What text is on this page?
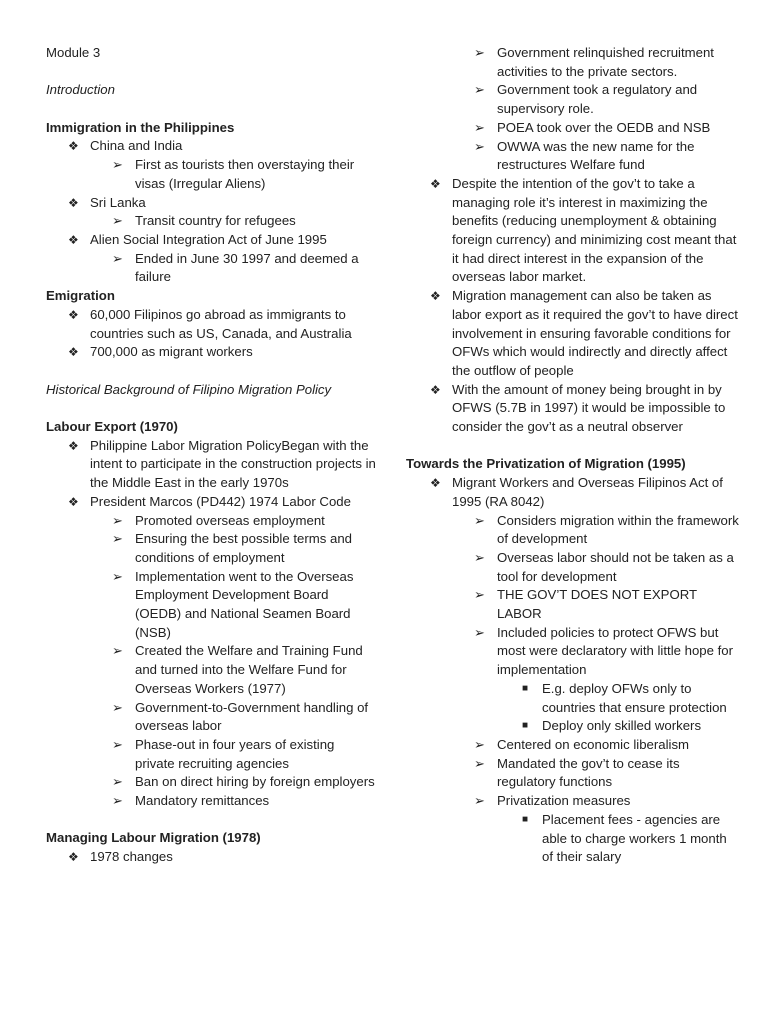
Module 3

Introduction

Immigration in the Philippines

❖ China and India
➢ First as tourists then overstaying their visas (Irregular Aliens)
❖ Sri Lanka
➢ Transit country for refugees
❖ Alien Social Integration Act of June 1995
➢ Ended in June 30 1997 and deemed a failure

Emigration

❖ 60,000 Filipinos go abroad as immigrants to countries such as US, Canada, and Australia
❖ 700,000 as migrant workers

Historical Background of Filipino Migration Policy

Labour Export (1970)

❖ Philippine Labor Migration PolicyBegan with the intent to participate in the construction projects in the Middle East in the early 1970s
❖ President Marcos (PD442) 1974 Labor Code
➢ Promoted overseas employment
➢ Ensuring the best possible terms and conditions of employment
➢ Implementation went to the Overseas Employment Development Board (OEDB) and National Seamen Board (NSB)
➢ Created the Welfare and Training Fund and turned into the Welfare Fund for Overseas Workers (1977)
➢ Government-to-Government handling of overseas labor
➢ Phase-out in four years of existing private recruiting agencies
➢ Ban on direct hiring by foreign employers
➢ Mandatory remittances

Managing Labour Migration (1978)

❖ 1978 changes
➢ Government relinquished recruitment activities to the private sectors.
➢ Government took a regulatory and supervisory role.
➢ POEA took over the OEDB and NSB
➢ OWWA was the new name for the restructures Welfare fund
❖ Despite the intention of the gov’t to take a managing role it’s interest in maximizing the benefits (reducing unemployment & obtaining foreign currency) and minimizing cost meant that it had direct interest in the expansion of the overseas labor market.
❖ Migration management can also be taken as labor export as it required the gov’t to have direct involvement in ensuring favorable conditions for OFWs which would indirectly and directly affect the outflow of people
❖ With the amount of money being brought in by OFWS (5.7B in 1997) it would be impossible to consider the gov’t as a neutral observer

Towards the Privatization of Migration (1995)

❖ Migrant Workers and Overseas Filipinos Act of 1995 (RA 8042)
➢ Considers migration within the framework of development
➢ Overseas labor should not be taken as a tool for development
➢ THE GOV’T DOES NOT EXPORT LABOR
➢ Included policies to protect OFWS but most were declaratory with little hope for implementation
■ E.g. deploy OFWs only to countries that ensure protection
■ Deploy only skilled workers
➢ Centered on economic liberalism
➢ Mandated the gov’t to cease its regulatory functions
➢ Privatization measures
■ Placement fees - agencies are able to charge workers 1 month of their salary
